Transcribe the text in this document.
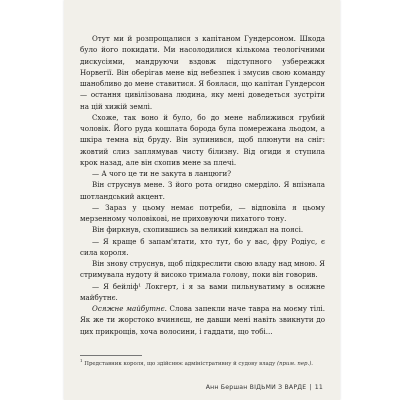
Отут ми й розпрощалися з капітаном Гундерсоном. Шкода було його покидати. Ми насолодилися кількома теологічними дискусіями, мандруючи вздовж підступного узбережжя Норвегії. Він оберігав мене від небезпек і змусив свою команду шанобливо до мене ставитися. Я боялася, що капітан Гундерсон — остання цивілізована людина, яку мені доведеться зустріти на цій хижій землі.

Схоже, так воно й було, бо до мене наближився грубий чоловік. Його руда кошлата борода була помережана льодом, а шкіра темна від бруду. Він зупинився, щоб плюнути на сніг: жовтий слиз заплямував чисту білизну. Від огиди я ступила крок назад, але він схопив мене за плечі.

— А чого це ти не закута в ланцюги?

Він струснув мене. З його рота огидно смерділо. Я впізнала шотландський акцент.

— Зараз у цьому немає потреби, — відповіла я цьому мерзенному чоловікові, не приховуючи пихатого тону.

Він фиркнув, схопившись за великий кинджал на поясі.

— Я краще б запам'ятати, хто тут, бо у вас, фру Родіус, є сила короля.

Він знову струснув, щоб підкреслити свою владу над мною. Я стримувала нудоту й високо тримала голову, поки він говорив.

— Я бейліф¹ Локгерт, і я за вами пильнуватиму в осяжне майбутнє.

Осяжне майбутнє. Слова запекли наче тавра на моєму тілі. Як же ти жорстоко вчиняєш, не давши мені навіть звикнути до цих прикрощів, хоча волосини, і гаддати, що тобі...

$^1$ Представник короля, що здійснює адміністративну й судову владу (прим. пер.).
Анн Бершан ВІДЬМИ З ВАРДЕ | 11
